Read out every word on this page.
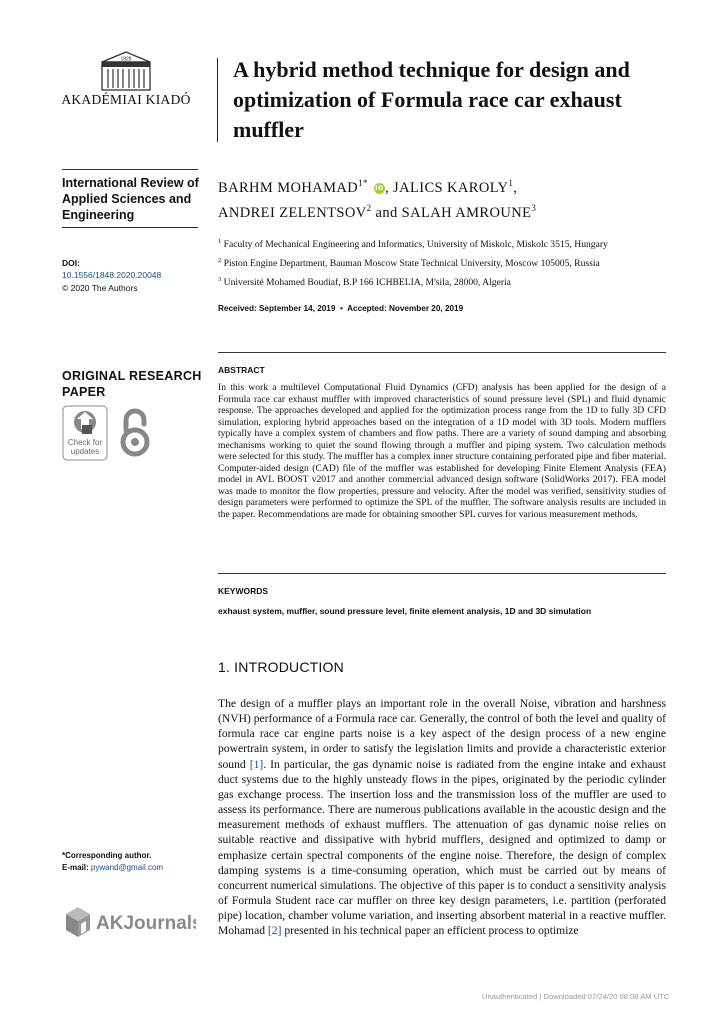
1828
AKADÉMIAI KIADÓ
A hybrid method technique for design and optimization of Formula race car exhaust muffler
International Review of Applied Sciences and Engineering
DOI:
10.1556/1848.2020.20048
© 2020 The Authors
ORIGINAL RESEARCH PAPER
Check for
updates
*Corresponding author.
E-mail: pywand@gmail.com
AKJournals
BARHM $MOHAMAD^{1*}$ iD, JALICS KAROLY$^1$,
ANDREI ZELENTSOV$^2$ and SALAH AMROUNE$^3$
$^1$ Faculty of Mechanical Engineering and Informatics, University of Miskolc, Miskolc 3515, Hungary
$^2$ Piston Engine Department, Bauman Moscow State Technical University, Moscow 105005, Russia
$^3$ Université Mohamed Boudiaf, B.P 166 ICHBELIA, M'sila, 28000, Algeria
Received: September 14, 2019 • Accepted: November 20, 2019
ABSTRACT

In this work a multilevel Computational Fluid Dynamics (CFD) analysis has been applied for the design of a Formula race car exhaust muffler with improved characteristics of sound pressure level (SPL) and fluid dynamic response. The approaches developed and applied for the optimization process range from the 1D to fully 3D CFD simulation, exploring hybrid approaches based on the integration of a 1D model with 3D tools. Modern mufflers typically have a complex system of chambers and flow paths. There are a variety of sound damping and absorbing mechanisms working to quiet the sound flowing through a muffler and piping system. Two calculation methods were selected for this study. The muffler has a complex inner structure containing perforated pipe and fiber material. Computer-aided design (CAD) file of the muffler was established for developing Finite Element Analysis (FEA) model in AVL BOOST v2017 and another commercial advanced design software (SolidWorks 2017). FEA model was made to monitor the flow properties, pressure and velocity. After the model was verified, sensitivity studies of design parameters were performed to optimize the SPL of the muffler. The software analysis results are included in the paper. Recommendations are made for obtaining smoother SPL curves for various measurement methods.

KEYWORDS
exhaust system, muffler, sound pressure level, finite element analysis, 1D and 3D simulation
1. INTRODUCTION

The design of a muffler plays an important role in the overall Noise, vibration and harshness (NVH) performance of a Formula race car. Generally, the control of both the level and quality of formula race car engine parts noise is a key aspect of the design process of a new engine powertrain system, in order to satisfy the legislation limits and provide a characteristic exterior sound [1]. In particular, the gas dynamic noise is radiated from the engine intake and exhaust duct systems due to the highly unsteady flows in the pipes, originated by the periodic cylinder gas exchange process. The insertion loss and the transmission loss of the muffler are used to assess its performance. There are numerous publications available in the acoustic design and the measurement methods of exhaust mufflers. The attenuation of gas dynamic noise relies on suitable reactive and dissipative with hybrid mufflers, designed and optimized to damp or emphasize certain spectral components of the engine noise. Therefore, the design of complex damping systems is a time-consuming operation, which must be carried out by means of concurrent numerical simulations. The objective of this paper is to conduct a sensitivity analysis of Formula Student race car muffler on three key design parameters, i.e. partition (perforated pipe) location, chamber volume variation, and inserting absorbent material in a reactive muffler. Mohamad [2] presented in his technical paper an efficient process to optimize

Unauthenticated | Downloaded 07/24/20 08:08 AM UTC
